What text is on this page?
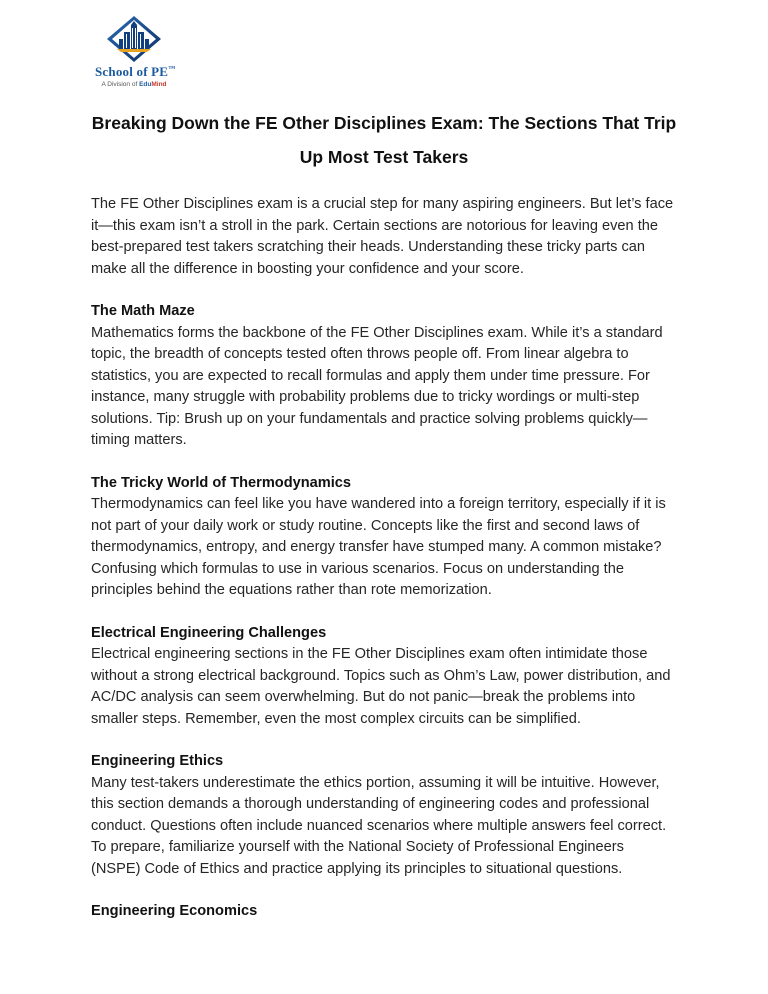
School of PE™
A Division of EduMind
Breaking Down the FE Other Disciplines Exam: The Sections That Trip Up Most Test Takers

The FE Other Disciplines exam is a crucial step for many aspiring engineers. But let’s face it—this exam isn’t a stroll in the park. Certain sections are notorious for leaving even the best-prepared test takers scratching their heads. Understanding these tricky parts can make all the difference in boosting your confidence and your score.

The Math Maze

Mathematics forms the backbone of the FE Other Disciplines exam. While it’s a standard topic, the breadth of concepts tested often throws people off. From linear algebra to statistics, you are expected to recall formulas and apply them under time pressure. For instance, many struggle with probability problems due to tricky wordings or multi-step solutions. Tip: Brush up on your fundamentals and practice solving problems quickly—timing matters.

The Tricky World of Thermodynamics

Thermodynamics can feel like you have wandered into a foreign territory, especially if it is not part of your daily work or study routine. Concepts like the first and second laws of thermodynamics, entropy, and energy transfer have stumped many. A common mistake? Confusing which formulas to use in various scenarios. Focus on understanding the principles behind the equations rather than rote memorization.

Electrical Engineering Challenges

Electrical engineering sections in the FE Other Disciplines exam often intimidate those without a strong electrical background. Topics such as Ohm’s Law, power distribution, and AC/DC analysis can seem overwhelming. But do not panic—break the problems into smaller steps. Remember, even the most complex circuits can be simplified.

Engineering Ethics

Many test-takers underestimate the ethics portion, assuming it will be intuitive. However, this section demands a thorough understanding of engineering codes and professional conduct. Questions often include nuanced scenarios where multiple answers feel correct. To prepare, familiarize yourself with the National Society of Professional Engineers (NSPE) Code of Ethics and practice applying its principles to situational questions.

Engineering Economics
